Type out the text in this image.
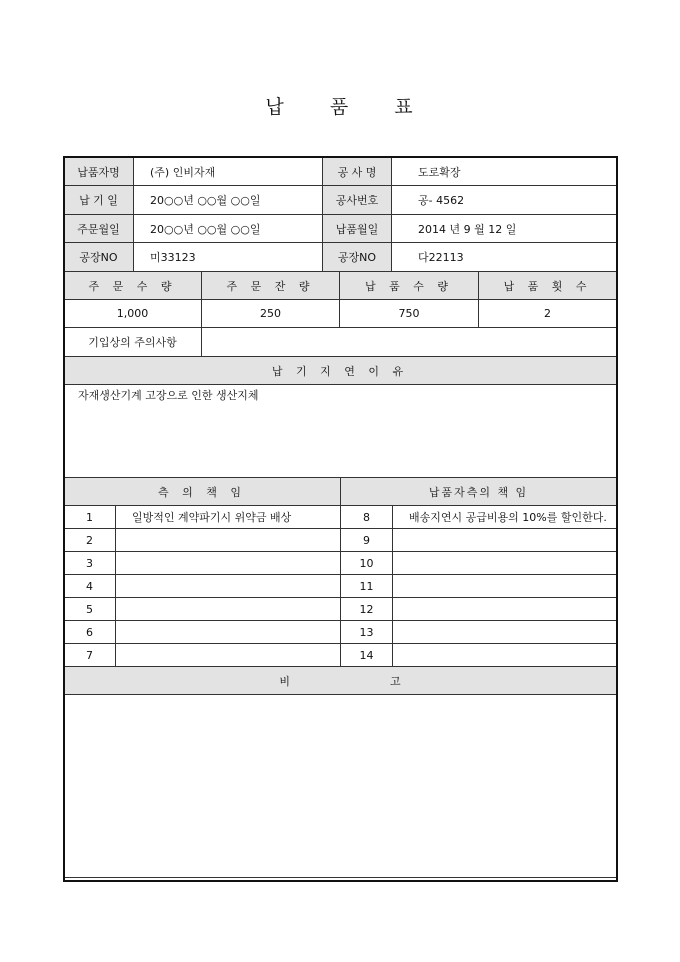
납 품 표
납품자명	(주) 인비자재	공 사 명	도로확장
납 기 일	20○○년 ○○월 ○○일	공사번호	공- 4562
주문월일	20○○년 ○○월 ○○일	납품월일	2014 년 9 월 12 일
공장NO	미33123	공장NO	다22113
주 문 수 량	주 문 잔 량	납 품 수 량	납 품 횟 수
1,000	250	750	2
기입상의 주의사항			
납 기 지 연 이 유			
자재생산기계 고장으로 인한 생산지체			
측 의 책 임		납품자측의 책 임	
1	일방적인 계약파기시 위약금 배상	8	배송지연시 공급비용의 10%를 할인한다.
2		9	
3		10	
4		11	
5		12	
6		13	
7		14	
비 고			
